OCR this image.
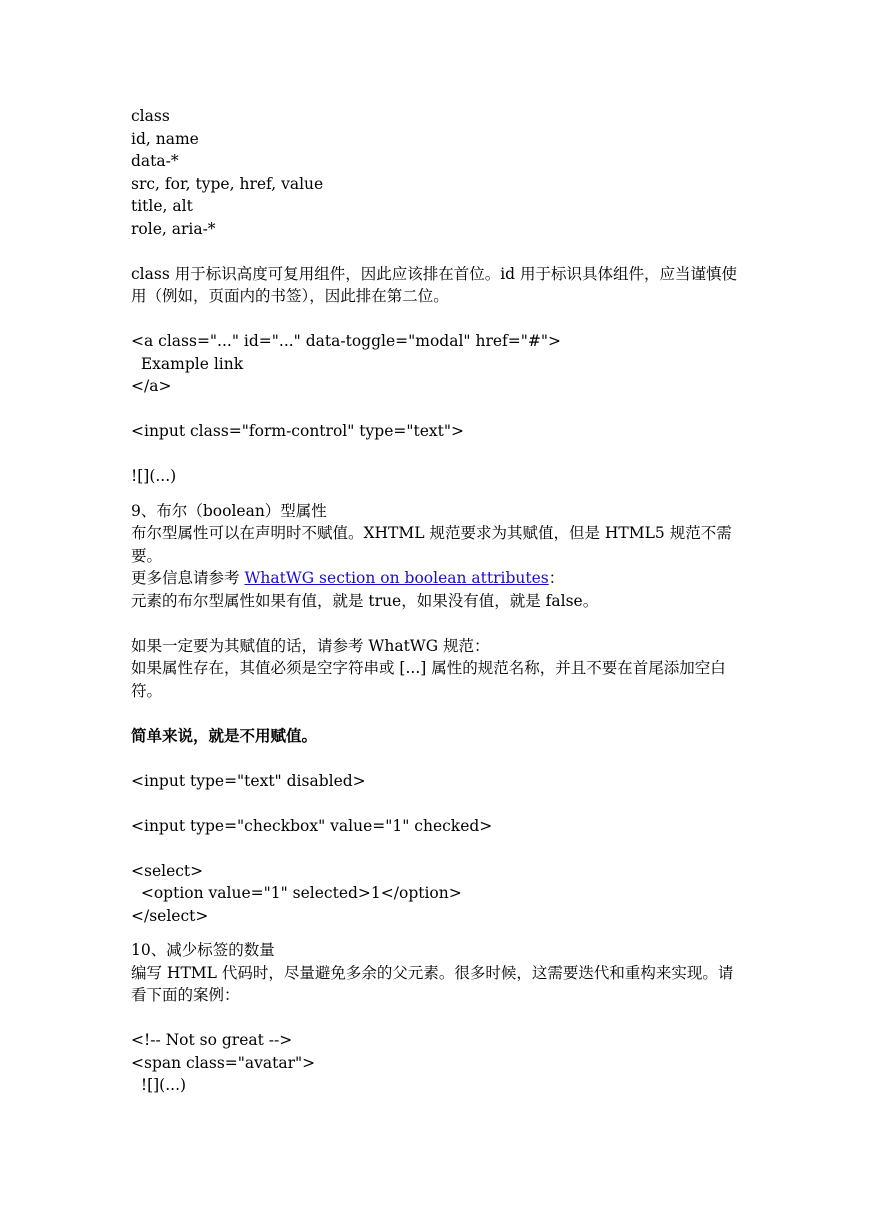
class
id, name
data-*
src, for, type, href, value
title, alt
role, aria-*
class 用于标识高度可复用组件，因此应该排在首位。id 用于标识具体组件，应当谨慎使用（例如，页面内的书签），因此排在第二位。
<a class="..." id="..." data-toggle="modal" href="#">
Example link
</a>
<input class="form-control" type="text">
![](...)
9、布尔（boolean）型属性
布尔型属性可以在声明时不赋值。XHTML 规范要求为其赋值，但是 HTML5 规范不需要。
更多信息请参考 WhatWG section on boolean attributes：
元素的布尔型属性如果有值，就是 true，如果没有值，就是 false。
如果一定要为其赋值的话，请参考 WhatWG 规范：
如果属性存在，其值必须是空字符串或 [...] 属性的规范名称，并且不要在首尾添加空白符。
简单来说，就是不用赋值。
<input type="text" disabled>
<input type="checkbox" value="1" checked>
<select>
<option value="1" selected>1</option>
</select>
10、减少标签的数量
编写 HTML 代码时，尽量避免多余的父元素。很多时候，这需要迭代和重构来实现。请看下面的案例：
<!-- Not so great -->
<span class="avatar">
![](...)
